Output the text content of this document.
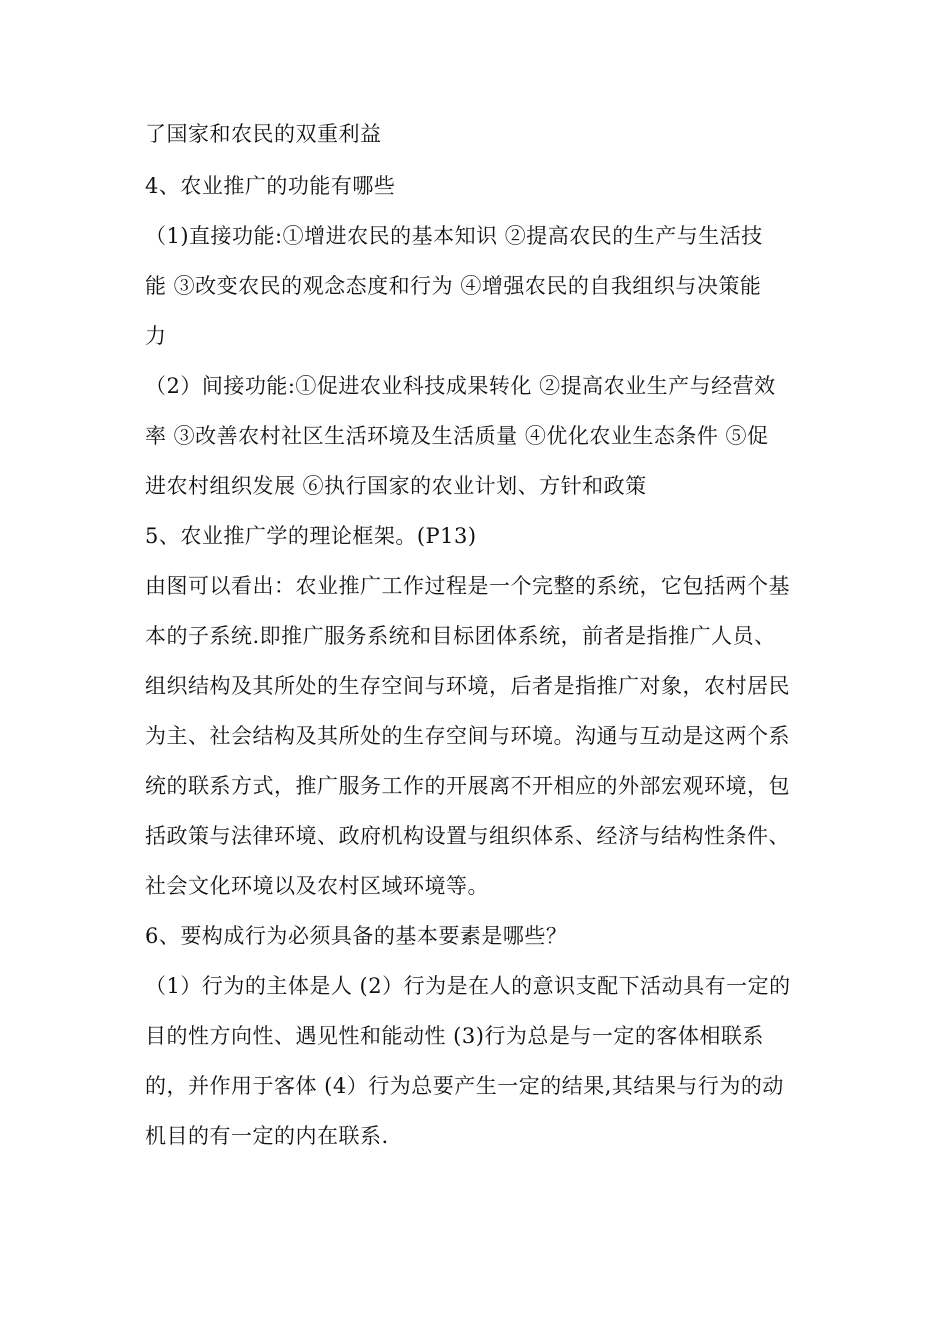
了国家和农民的双重利益

4、农业推广的功能有哪些

（1)直接功能:①增进农民的基本知识 ②提高农民的生产与生活技

能 ③改变农民的观念态度和行为 ④增强农民的自我组织与决策能

力

（2）间接功能:①促进农业科技成果转化 ②提高农业生产与经营效

率 ③改善农村社区生活环境及生活质量 ④优化农业生态条件 ⑤促

进农村组织发展 ⑥执行国家的农业计划、方针和政策

5、农业推广学的理论框架。(P13)

由图可以看出：农业推广工作过程是一个完整的系统，它包括两个基

本的子系统.即推广服务系统和目标团体系统，前者是指推广人员、

组织结构及其所处的生存空间与环境，后者是指推广对象，农村居民

为主、社会结构及其所处的生存空间与环境。沟通与互动是这两个系

统的联系方式，推广服务工作的开展离不开相应的外部宏观环境，包

括政策与法律环境、政府机构设置与组织体系、经济与结构性条件、

社会文化环境以及农村区域环境等。

6、要构成行为必须具备的基本要素是哪些？

（1）行为的主体是人 (2）行为是在人的意识支配下活动具有一定的

目的性方向性、遇见性和能动性 (3)行为总是与一定的客体相联系

的，并作用于客体 (4）行为总要产生一定的结果,其结果与行为的动

机目的有一定的内在联系.
